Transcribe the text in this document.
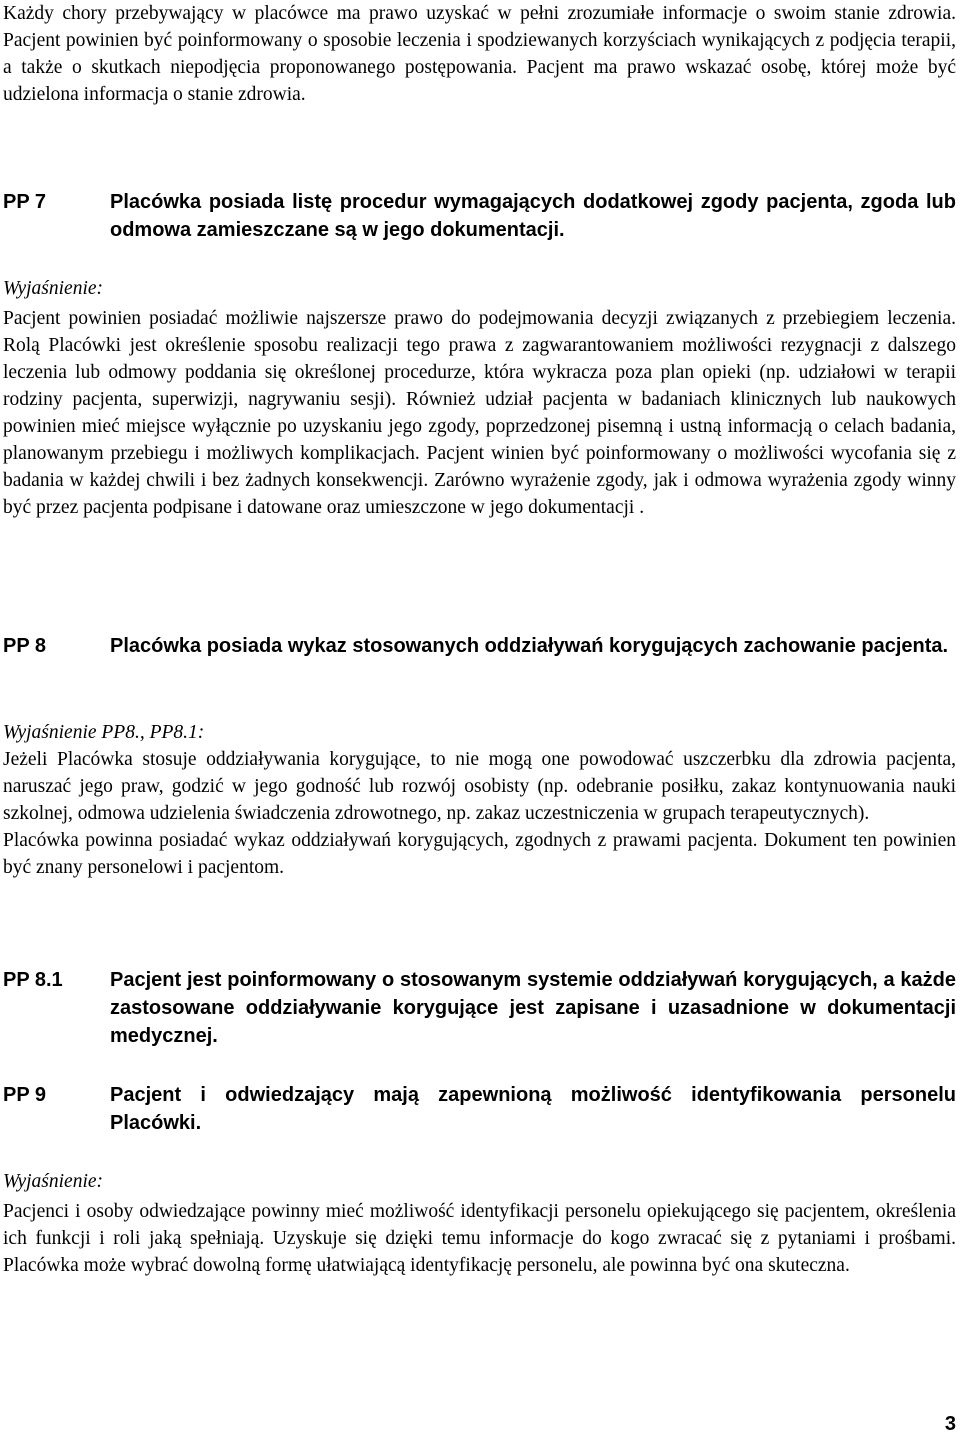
Każdy chory przebywający w placówce ma prawo uzyskać w pełni zrozumiałe informacje o swoim stanie zdrowia. Pacjent powinien być poinformowany o sposobie leczenia i spodziewanych korzyściach wynikających z podjęcia terapii, a także o skutkach niepodjęcia proponowanego postępowania. Pacjent ma prawo wskazać osobę, której może być udzielona informacja o stanie zdrowia.

PP 7	Placówka posiada listę procedur wymagających dodatkowej zgody pacjenta, zgoda lub odmowa zamieszczane są w jego dokumentacji.

Wyjaśnienie:

Pacjent powinien posiadać możliwie najszersze prawo do podejmowania decyzji związanych z przebiegiem leczenia. Rolą Placówki jest określenie sposobu realizacji tego prawa z zagwarantowaniem możliwości rezygnacji z dalszego leczenia lub odmowy poddania się określonej procedurze, która wykracza poza plan opieki (np. udziałowi w terapii rodziny pacjenta, superwizji, nagrywaniu sesji). Również udział pacjenta w badaniach klinicznych lub naukowych powinien mieć miejsce wyłącznie po uzyskaniu jego zgody, poprzedzonej pisemną i ustną informacją o celach badania, planowanym przebiegu i możliwych komplikacjach. Pacjent winien być poinformowany o możliwości wycofania się z badania w każdej chwili i bez żadnych konsekwencji. Zarówno wyrażenie zgody, jak i odmowa wyrażenia zgody winny być przez pacjenta podpisane i datowane oraz umieszczone w jego dokumentacji .

PP 8	Placówka posiada wykaz stosowanych oddziaływań korygujących zachowanie pacjenta.

Wyjaśnienie PP8., PP8.1:

Jeżeli Placówka stosuje oddziaływania korygujące, to nie mogą one powodować uszczerbku dla zdrowia pacjenta, naruszać jego praw, godzić w jego godność lub rozwój osobisty (np. odebranie posiłku, zakaz kontynuowania nauki szkolnej, odmowa udzielenia świadczenia zdrowotnego, np. zakaz uczestniczenia w grupach terapeutycznych).

Placówka powinna posiadać wykaz oddziaływań korygujących, zgodnych z prawami pacjenta. Dokument ten powinien być znany personelowi i pacjentom.

PP 8.1 Pacjent jest poinformowany o stosowanym systemie oddziaływań korygujących, a każde zastosowane oddziaływanie korygujące jest zapisane i uzasadnione w dokumentacji medycznej.
PP 9	Pacjent i odwiedzający mają zapewnioną możliwość identyfikowania personelu Placówki.

Wyjaśnienie:

Pacjenci i osoby odwiedzające powinny mieć możliwość identyfikacji personelu opiekującego się pacjentem, określenia ich funkcji i roli jaką spełniają. Uzyskuje się dzięki temu informacje do kogo zwracać się z pytaniami i prośbami. Placówka może wybrać dowolną formę ułatwiającą identyfikację personelu, ale powinna być ona skuteczna.

3
